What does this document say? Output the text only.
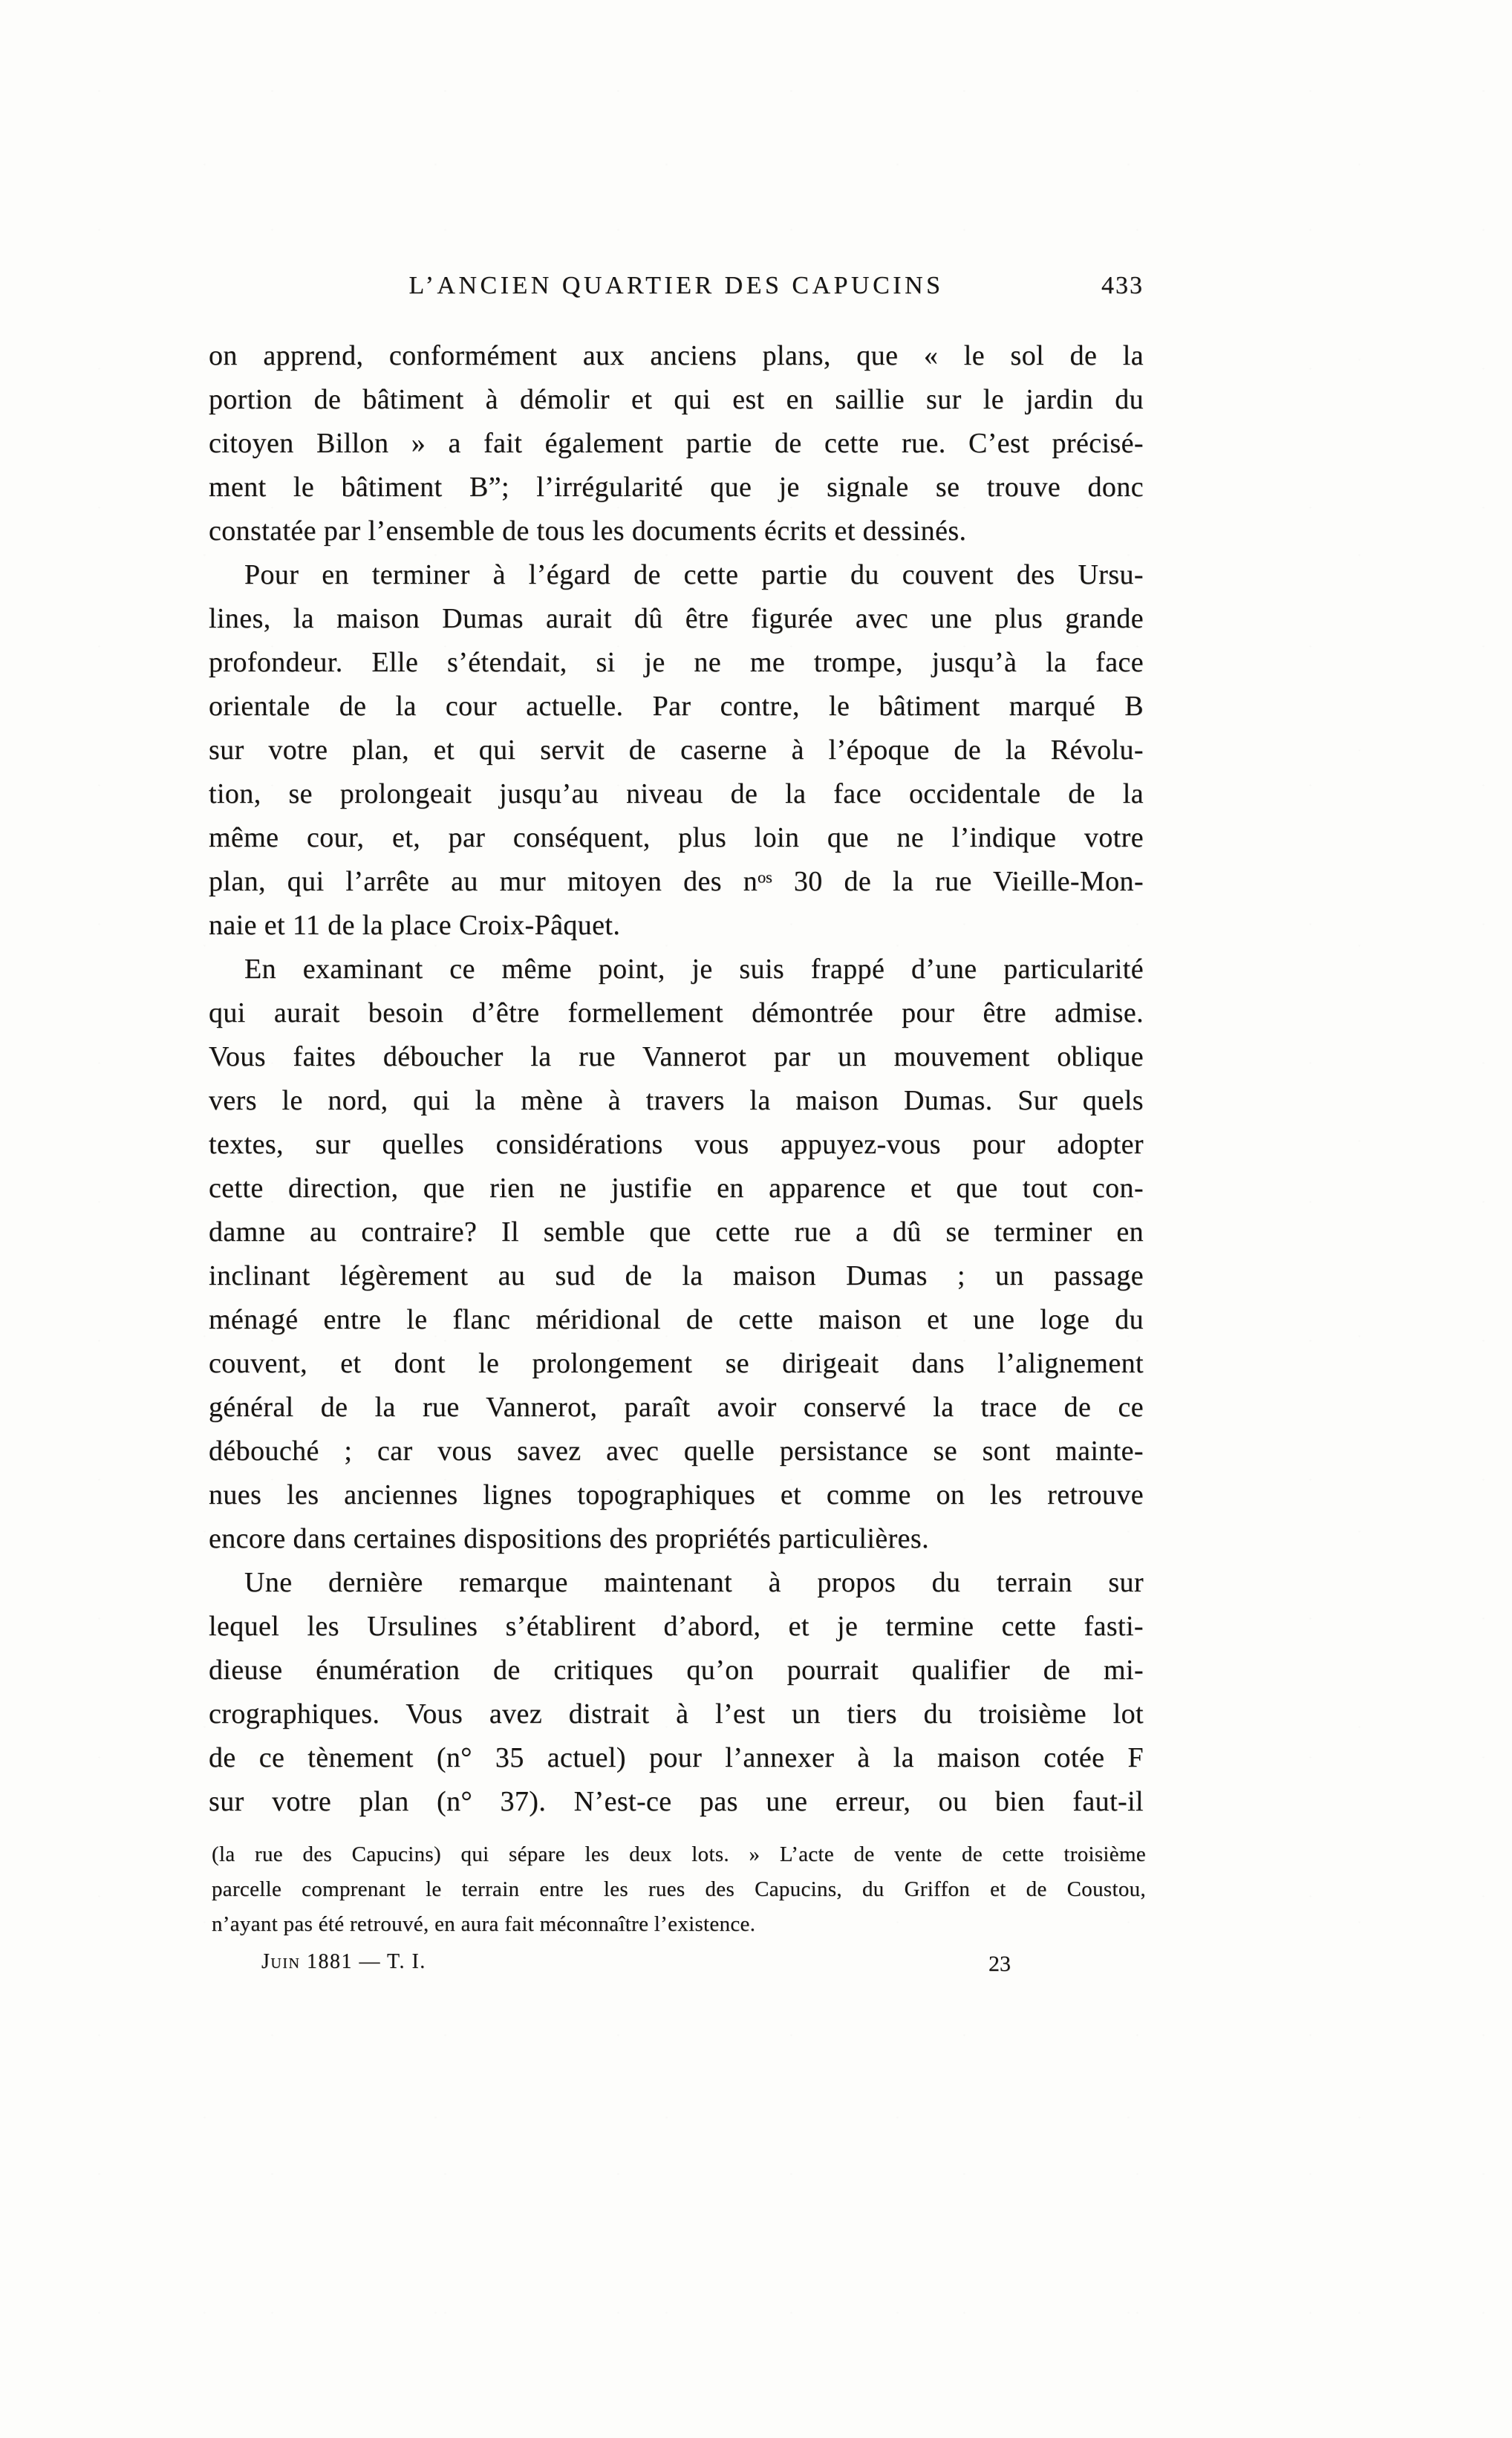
L’ANCIEN QUARTIER DES CAPUCINS	433
on apprend, conformément aux anciens plans, que « le sol de la
portion de bâtiment à démolir et qui est en saillie sur le jardin du
citoyen Billon » a fait également partie de cette rue. C’est précisé-
ment le bâtiment B”; l’irrégularité que je signale se trouve donc
constatée par l’ensemble de tous les documents écrits et dessinés.
Pour en terminer à l’égard de cette partie du couvent des Ursu-
lines, la maison Dumas aurait dû être figurée avec une plus grande
profondeur. Elle s’étendait, si je ne me trompe, jusqu’à la face
orientale de la cour actuelle. Par contre, le bâtiment marqué B
sur votre plan, et qui servit de caserne à l’époque de la Révolu-
tion, se prolongeait jusqu’au niveau de la face occidentale de la
même cour, et, par conséquent, plus loin que ne l’indique votre
plan, qui l’arrête au mur mitoyen des nᵒˢ 30 de la rue Vieille-Mon-
naie et 11 de la place Croix-Pâquet.
En examinant ce même point, je suis frappé d’une particularité
qui aurait besoin d’être formellement démontrée pour être admise.
Vous faites déboucher la rue Vannerot par un mouvement oblique
vers le nord, qui la mène à travers la maison Dumas. Sur quels
textes, sur quelles considérations vous appuyez-vous pour adopter
cette direction, que rien ne justifie en apparence et que tout con-
damne au contraire? Il semble que cette rue a dû se terminer en
inclinant légèrement au sud de la maison Dumas ; un passage
ménagé entre le flanc méridional de cette maison et une loge du
couvent, et dont le prolongement se dirigeait dans l’alignement
général de la rue Vannerot, paraît avoir conservé la trace de ce
débouché ; car vous savez avec quelle persistance se sont mainte-
nues les anciennes lignes topographiques et comme on les retrouve
encore dans certaines dispositions des propriétés particulières.
Une dernière remarque maintenant à propos du terrain sur
lequel les Ursulines s’établirent d’abord, et je termine cette fasti-
dieuse énumération de critiques qu’on pourrait qualifier de mi-
crographiques. Vous avez distrait à l’est un tiers du troisième lot
de ce tènement (n° 35 actuel) pour l’annexer à la maison cotée F
sur votre plan (n° 37). N’est-ce pas une erreur, ou bien faut-il
(la rue des Capucins) qui sépare les deux lots. » L’acte de vente de cette troisième
parcelle comprenant le terrain entre les rues des Capucins, du Griffon et de Coustou,
n’ayant pas été retrouvé, en aura fait méconnaître l’existence.
Juin 1881 — T. I.	23
